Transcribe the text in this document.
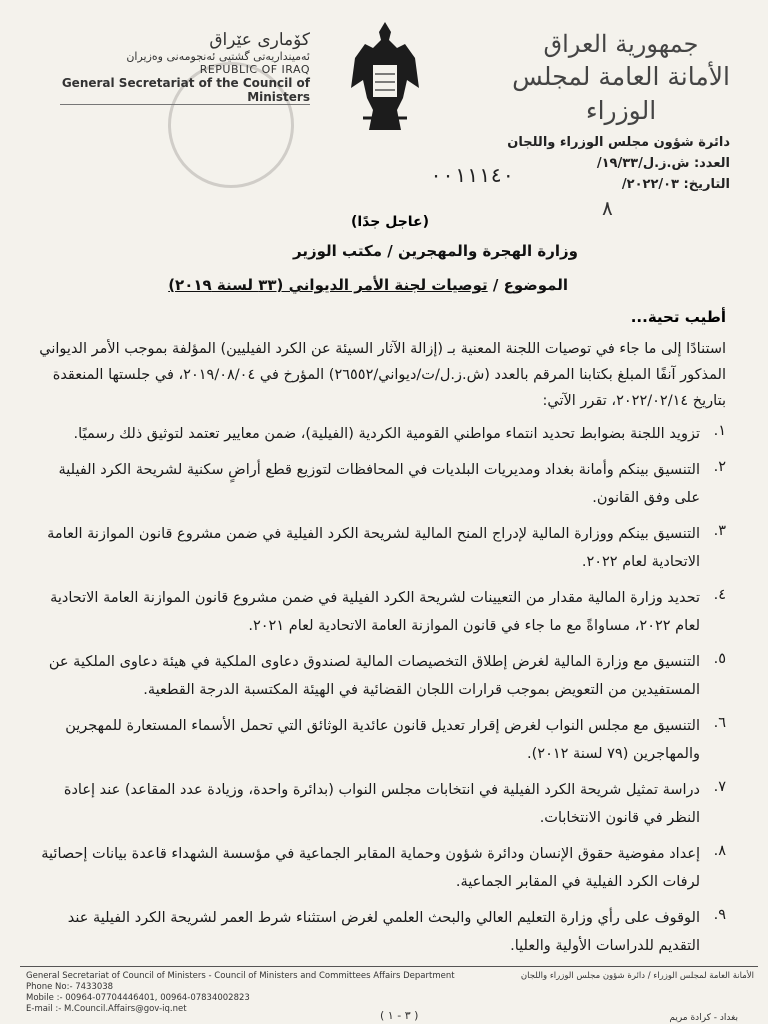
جمهورية العراق
الأمانة العامة لمجلس الوزراء
کۆماری عێراق
ئەمینداریەتی گشتیی ئەنجومەنی وەزیران
REPUBLIC OF IRAQ
General Secretariat of the Council of Ministers
دائرة شؤون مجلس الوزراء واللجان
العدد: ش.ز.ل/١٩/٣٣/
التاريخ: ٢٠٢٢/٠٣/
٠٠١١١٤٠
٨
(عاجل جدًا)
وزارة الهجرة والمهجرين / مكتب الوزير
الموضوع / توصيات لجنة الأمر الديواني (٣٣ لسنة ٢٠١٩)
أطيب تحية...

استنادًا إلى ما جاء في توصيات اللجنة المعنية بـ (إزالة الآثار السيئة عن الكرد الفيليين) المؤلفة بموجب الأمر الديواني المذكور آنفًا المبلغ بكتابنا المرقم بالعدد (ش.ز.ل/ت/ديواني/٢٦٥٥٢) المؤرخ في ٢٠١٩/٠٨/٠٤، في جلستها المنعقدة بتاريخ ٢٠٢٢/٠٢/١٤، تقرر الآتي:

١.
تزويد اللجنة بضوابط تحديد انتماء مواطني القومية الكردية (الفيلية)، ضمن معايير تعتمد لتوثيق ذلك رسميًا.
٢.
التنسيق بينكم وأمانة بغداد ومديريات البلديات في المحافظات لتوزيع قطع أراضٍ سكنية لشريحة الكرد الفيلية على وفق القانون.
٣.
التنسيق بينكم ووزارة المالية لإدراج المنح المالية لشريحة الكرد الفيلية في ضمن مشروع قانون الموازنة العامة الاتحادية لعام ٢٠٢٢.
٤.
تحديد وزارة المالية مقدار من التعيينات لشريحة الكرد الفيلية في ضمن مشروع قانون الموازنة العامة الاتحادية لعام ٢٠٢٢، مساواةً مع ما جاء في قانون الموازنة العامة الاتحادية لعام ٢٠٢١.
٥.
التنسيق مع وزارة المالية لغرض إطلاق التخصيصات المالية لصندوق دعاوى الملكية في هيئة دعاوى الملكية عن المستفيدين من التعويض بموجب قرارات اللجان القضائية في الهيئة المكتسبة الدرجة القطعية.
٦.
التنسيق مع مجلس النواب لغرض إقرار تعديل قانون عائدية الوثائق التي تحمل الأسماء المستعارة للمهجرين والمهاجرين (٧٩ لسنة ٢٠١٢).
٧.
دراسة تمثيل شريحة الكرد الفيلية في انتخابات مجلس النواب (بدائرة واحدة، وزيادة عدد المقاعد) عند إعادة النظر في قانون الانتخابات.
٨.
إعداد مفوضية حقوق الإنسان ودائرة شؤون وحماية المقابر الجماعية في مؤسسة الشهداء قاعدة بيانات إحصائية لرفات الكرد الفيلية في المقابر الجماعية.
٩.
الوقوف على رأي وزارة التعليم العالي والبحث العلمي لغرض استثناء شرط العمر لشريحة الكرد الفيلية عند التقديم للدراسات الأولية والعليا.
General Secretariat of Council of Ministers - Council of Ministers and Committees Affairs Department
Phone No:- 7433038
Mobile :- 00964-07704446401, 00964-07834002823
E-mail :- M.Council.Affairs@gov-iq.net
الأمانة العامة لمجلس الوزراء / دائرة شؤون مجلس الوزراء واللجان
( ٣ - ١ )	بغداد - كرادة مريم
